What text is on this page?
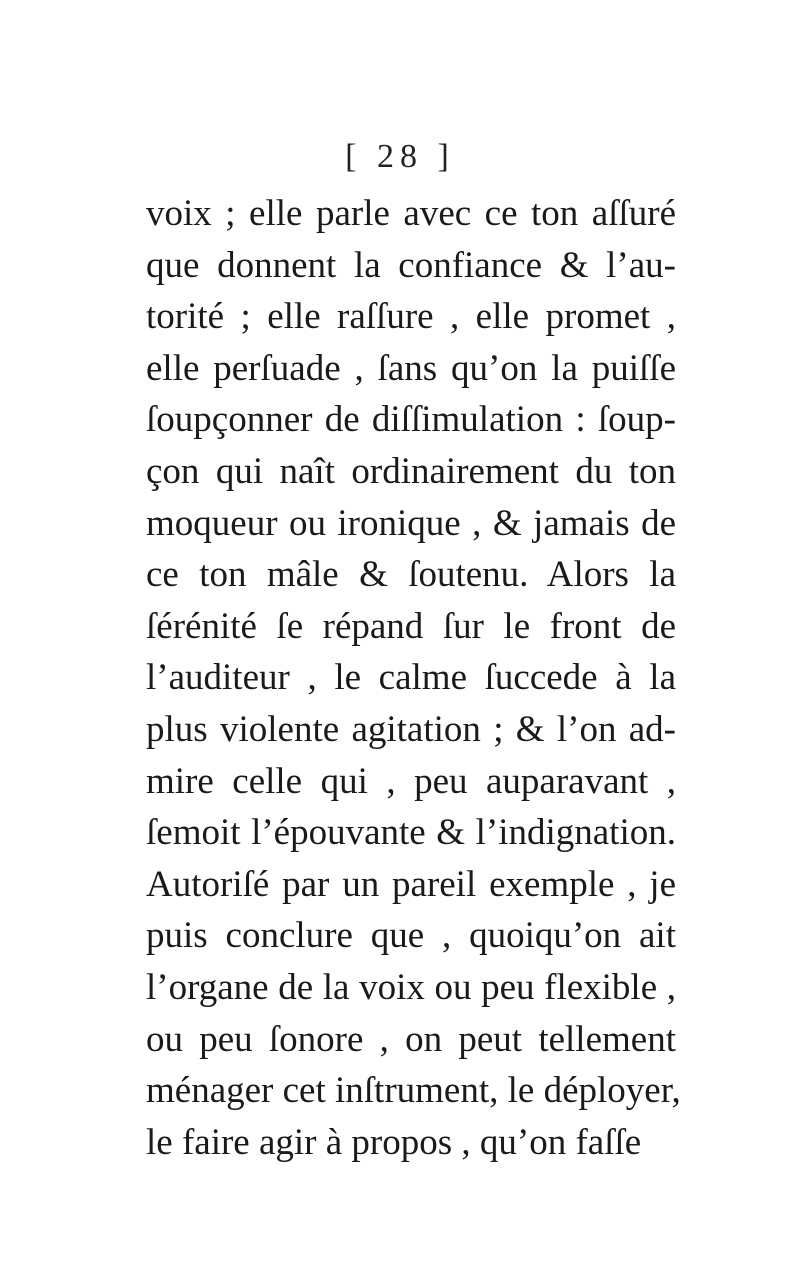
[ 28 ]
voix ; elle parle avec ce ton aſſuré
que donnent la confiance & l’au-
torité ; elle raſſure , elle promet ,
elle perſuade , ſans qu’on la puiſſe
ſoupçonner de diſſimulation : ſoup-
çon qui naît ordinairement du ton
moqueur ou ironique , & jamais de
ce ton mâle & ſoutenu. Alors la
ſérénité ſe répand ſur le front de
l’auditeur , le calme ſuccede à la
plus violente agitation ; & l’on ad-
mire celle qui , peu auparavant ,
ſemoit l’épouvante & l’indignation.
Autoriſé par un pareil exemple , je
puis conclure que , quoiqu’on ait
l’organe de la voix ou peu flexible ,
ou peu ſonore , on peut tellement
ménager cet inſtrument, le déployer,
le faire agir à propos , qu’on faſſe
